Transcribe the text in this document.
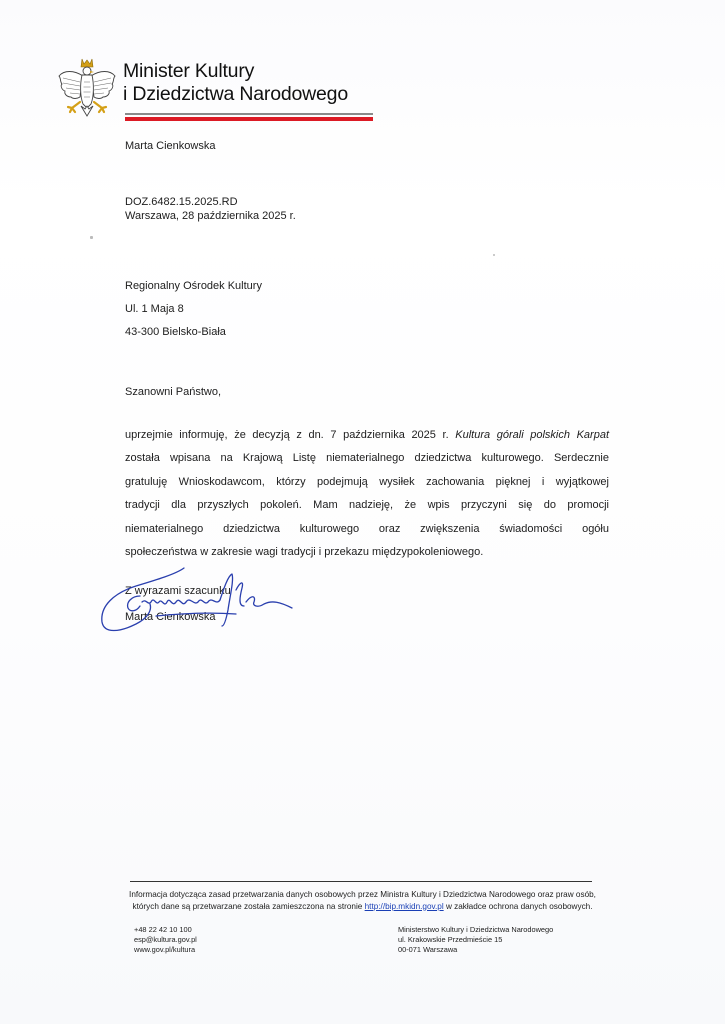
Minister Kultury
i Dziedzictwa Narodowego
Marta Cienkowska
DOZ.6482.15.2025.RD
Warszawa, 28 października 2025 r.
Regionalny Ośrodek Kultury
Ul. 1 Maja 8
43-300 Bielsko-Biała
Szanowni Państwo,
uprzejmie informuję, że decyzją z dn. 7 października 2025 r. Kultura górali polskich Karpat
została wpisana na Krajową Listę niematerialnego dziedzictwa kulturowego. Serdecznie
gratuluję Wnioskodawcom, którzy podejmują wysiłek zachowania pięknej i wyjątkowej
tradycji dla przyszłych pokoleń. Mam nadzieję, że wpis przyczyni się do promocji
niematerialnego dziedzictwa kulturowego oraz zwiększenia świadomości ogółu
społeczeństwa w zakresie wagi tradycji i przekazu międzypokoleniowego.
Z wyrazami szacunku
Marta Cienkowska
Informacja dotycząca zasad przetwarzania danych osobowych przez Ministra Kultury i Dziedzictwa Narodowego oraz praw osób,
których dane są przetwarzane została zamieszczona na stronie http://bip.mkidn.gov.pl w zakładce ochrona danych osobowych.
+48 22 42 10 100
esp@kultura.gov.pl
www.gov.pl/kultura
Ministerstwo Kultury i Dziedzictwa Narodowego
ul. Krakowskie Przedmieście 15
00-071 Warszawa
